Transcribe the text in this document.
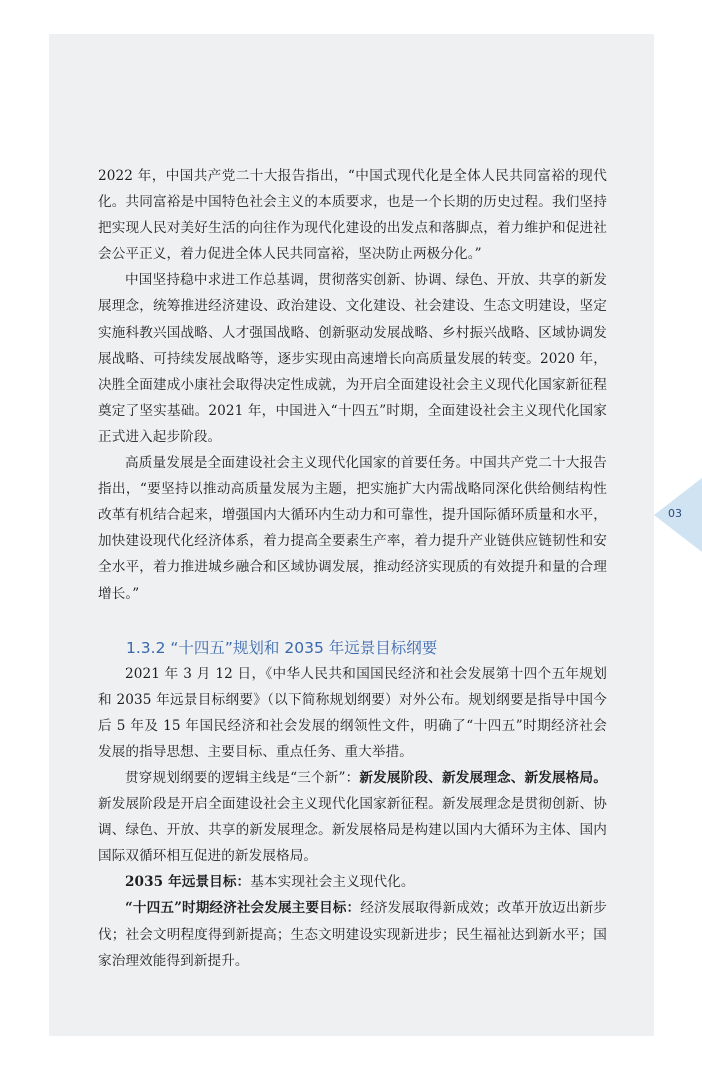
2022 年，中国共产党二十大报告指出，“中国式现代化是全体人民共同富裕的现代化。共同富裕是中国特色社会主义的本质要求，也是一个长期的历史过程。我们坚持把实现人民对美好生活的向往作为现代化建设的出发点和落脚点，着力维护和促进社会公平正义，着力促进全体人民共同富裕，坚决防止两极分化。”

中国坚持稳中求进工作总基调，贯彻落实创新、协调、绿色、开放、共享的新发展理念，统筹推进经济建设、政治建设、文化建设、社会建设、生态文明建设，坚定实施科教兴国战略、人才强国战略、创新驱动发展战略、乡村振兴战略、区域协调发展战略、可持续发展战略等，逐步实现由高速增长向高质量发展的转变。2020 年，决胜全面建成小康社会取得决定性成就，为开启全面建设社会主义现代化国家新征程奠定了坚实基础。2021 年，中国进入“十四五”时期，全面建设社会主义现代化国家正式进入起步阶段。

高质量发展是全面建设社会主义现代化国家的首要任务。中国共产党二十大报告指出，“要坚持以推动高质量发展为主题，把实施扩大内需战略同深化供给侧结构性改革有机结合起来，增强国内大循环内生动力和可靠性，提升国际循环质量和水平，加快建设现代化经济体系，着力提高全要素生产率，着力提升产业链供应链韧性和安全水平，着力推进城乡融合和区域协调发展，推动经济实现质的有效提升和量的合理增长。”

1.3.2 “十四五”规划和 2035 年远景目标纲要

2021 年 3 月 12 日，《中华人民共和国国民经济和社会发展第十四个五年规划和 2035 年远景目标纲要》（以下简称规划纲要）对外公布。规划纲要是指导中国今后 5 年及 15 年国民经济和社会发展的纲领性文件，明确了“十四五”时期经济社会发展的指导思想、主要目标、重点任务、重大举措。

贯穿规划纲要的逻辑主线是“三个新”：新发展阶段、新发展理念、新发展格局。新发展阶段是开启全面建设社会主义现代化国家新征程。新发展理念是贯彻创新、协调、绿色、开放、共享的新发展理念。新发展格局是构建以国内大循环为主体、国内国际双循环相互促进的新发展格局。

2035 年远景目标：基本实现社会主义现代化。

“十四五”时期经济社会发展主要目标：经济发展取得新成效；改革开放迈出新步伐；社会文明程度得到新提高；生态文明建设实现新进步；民生福祉达到新水平；国家治理效能得到新提升。

03
